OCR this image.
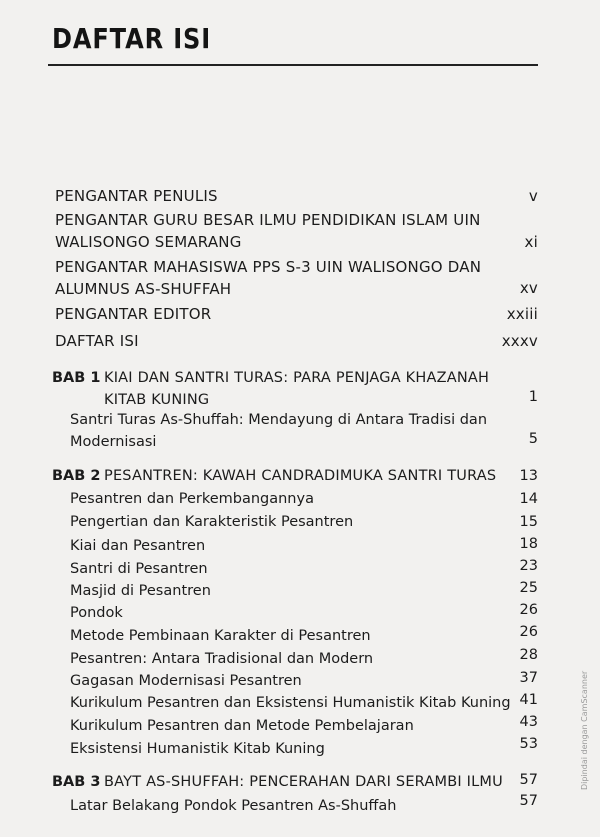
DAFTAR ISI
PENGANTAR PENULIS	v
PENGANTAR GURU BESAR ILMU PENDIDIKAN ISLAM UIN
WALISONGO SEMARANG	xi
PENGANTAR MAHASISWA PPS S-3 UIN WALISONGO DAN
ALUMNUS AS-SHUFFAH	xv
PENGANTAR EDITOR	xxiii
DAFTAR ISI	xxxv
BAB 1 KIAI DAN SANTRI TURAS: PARA PENJAGA KHAZANAH
KITAB KUNING	1
Santri Turas As-Shuffah: Mendayung di Antara Tradisi dan
Modernisasi	5
BAB 2 PESANTREN: KAWAH CANDRADIMUKA SANTRI TURAS 13
Pesantren dan Perkembangannya	14
Pengertian dan Karakteristik Pesantren	15
Kiai dan Pesantren	18
Santri di Pesantren	23
Masjid di Pesantren	25
Pondok	26
Metode Pembinaan Karakter di Pesantren	26
Pesantren: Antara Tradisional dan Modern	28
Gagasan Modernisasi Pesantren	37
Kurikulum Pesantren dan Eksistensi Humanistik Kitab Kuning 41
Kurikulum Pesantren dan Metode Pembelajaran	43
Eksistensi Humanistik Kitab Kuning	53
BAB 3 BAYT AS-SHUFFAH: PENCERAHAN DARI SERAMBI ILMU 57
Latar Belakang Pondok Pesantren As-Shuffah	57
Dipindai dengan CamScanner
